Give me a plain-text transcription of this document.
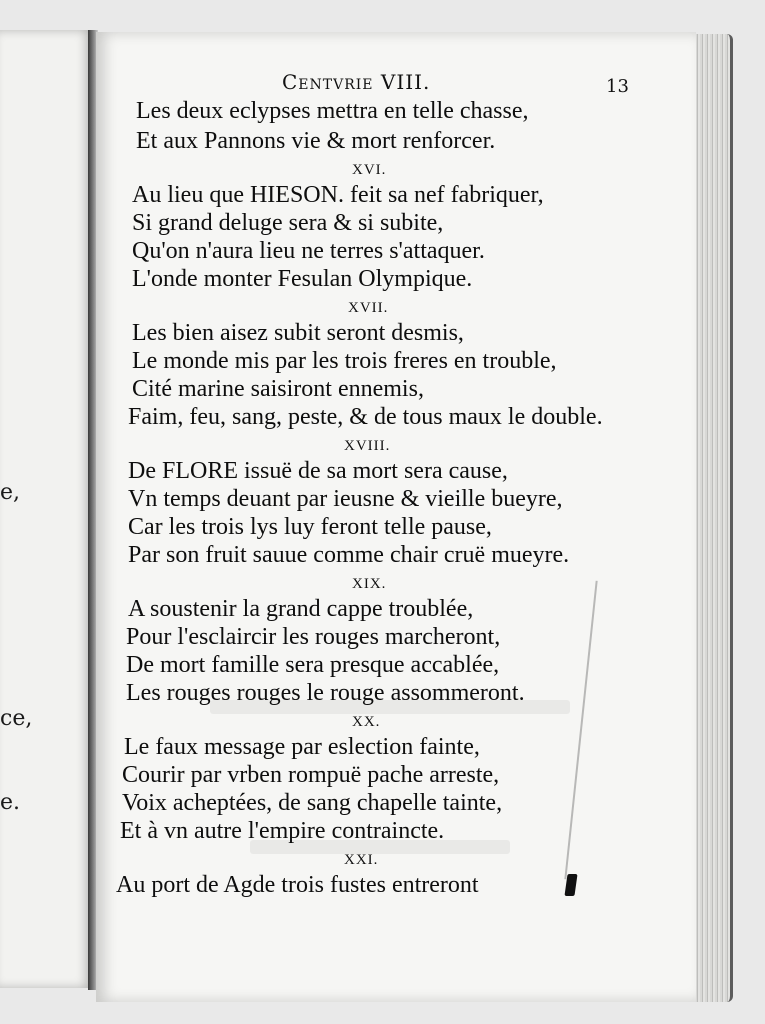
e,
ce,
e.
Centvrie VIII.	13
Les deux eclypses mettra en telle chasse,
Et aux Pannons vie & mort renforcer.
XVI.
Au lieu que HIESON. feit sa nef fabriquer,
Si grand deluge sera & si subite,
Qu'on n'aura lieu ne terres s'attaquer.
L'onde monter Fesulan Olympique.
XVII.
Les bien aisez subit seront desmis,
Le monde mis par les trois freres en trouble,
Cité marine saisiront ennemis,
Faim, feu, sang, peste, & de tous maux le double.
XVIII.
De FLORE issuë de sa mort sera cause,
Vn temps deuant par ieusne & vieille bueyre,
Car les trois lys luy feront telle pause,
Par son fruit sauue comme chair cruë mueyre.
XIX.
A soustenir la grand cappe troublée,
Pour l'esclaircir les rouges marcheront,
De mort famille sera presque accablée,
Les rouges rouges le rouge assommeront.
XX.
Le faux message par eslection fainte,
Courir par vrben rompuë pache arreste,
Voix acheptées, de sang chapelle tainte,
Et à vn autre l'empire contraincte.
XXI.
Au port de Agde trois fustes entreront
